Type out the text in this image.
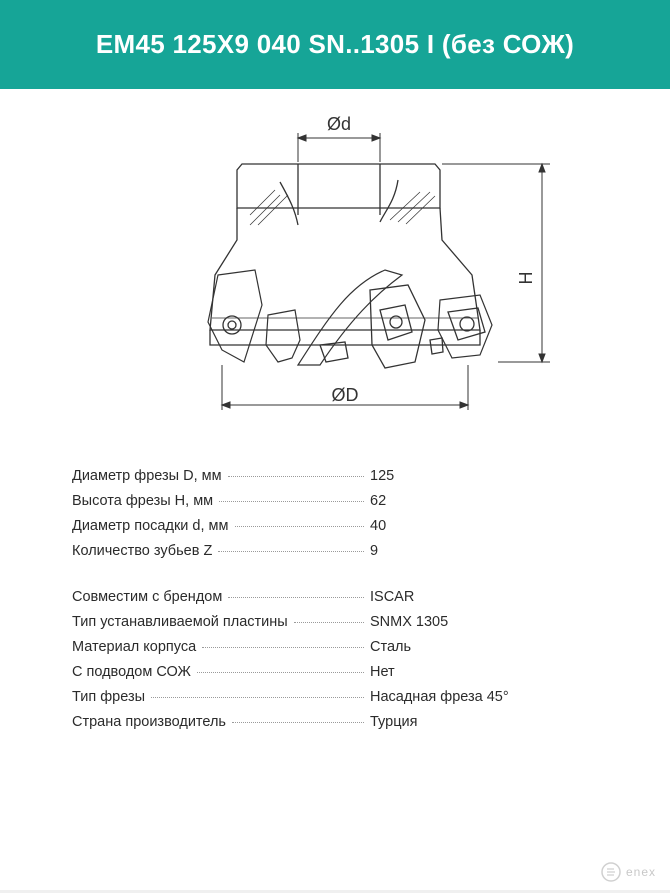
ЕМ45 125X9 040 SN..1305 I (без СОЖ)
Ød
ØD
H
Диаметр фрезы D, мм	125
Высота фрезы H, мм	62
Диаметр посадки d, мм	40
Количество зубьев Z	9
Совместим с брендом	ISCAR
Тип устанавливаемой пластины	SNMX 1305
Материал корпуса	Сталь
С подводом СОЖ	Нет
Тип фрезы	Насадная фреза 45°
Страна производитель	Турция
enex
